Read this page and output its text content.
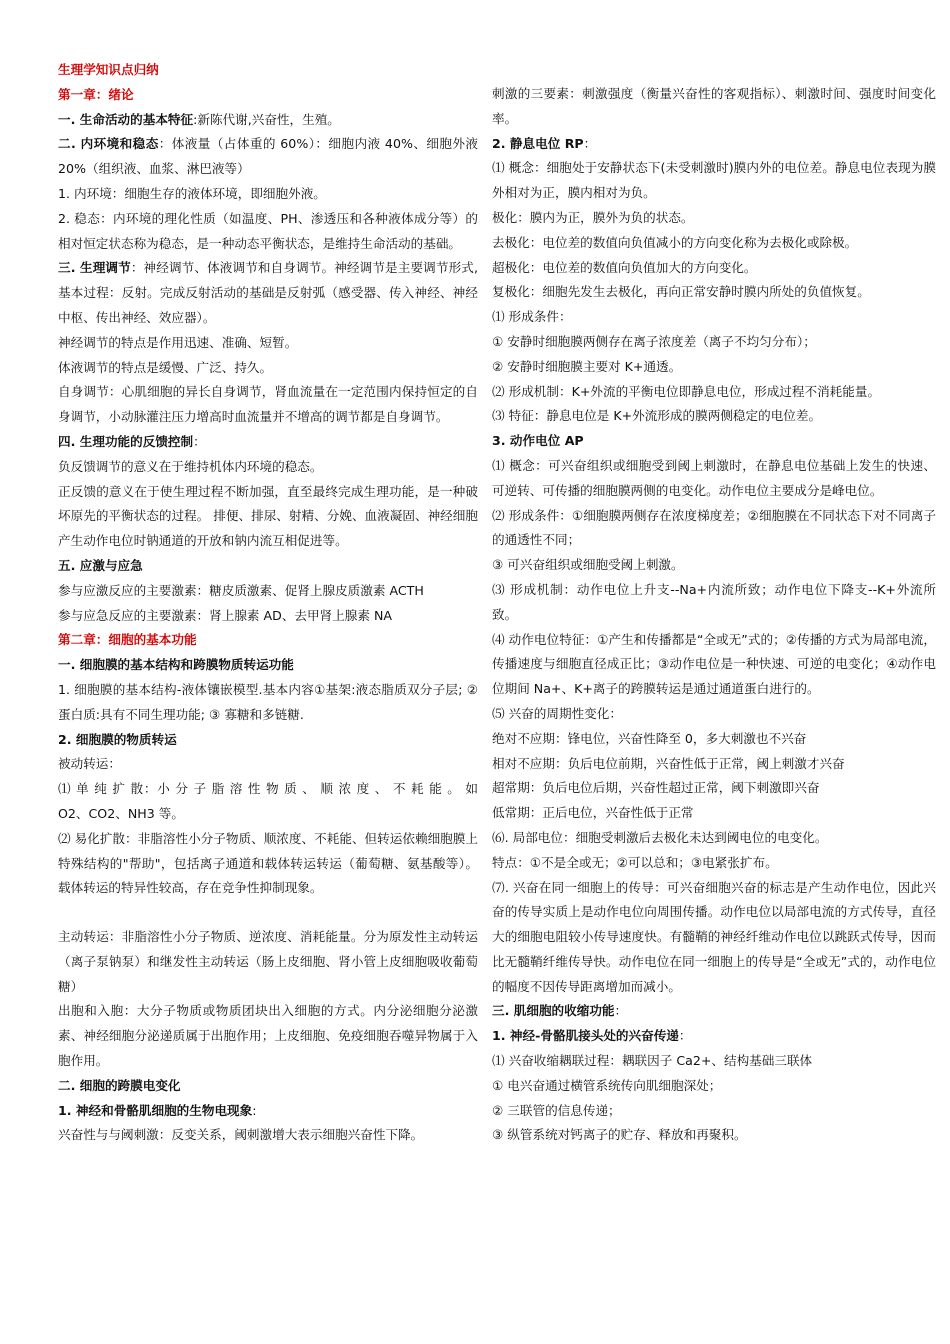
生理学知识点归纳

第一章：绪论

一. 生命活动的基本特征:新陈代谢,兴奋性，生殖。

二. 内环境和稳态：体液量（占体重的 60%）：细胞内液 40%、细胞外液 20%（组织液、血浆、淋巴液等）

1. 内环境：细胞生存的液体环境，即细胞外液。

2. 稳态：内环境的理化性质（如温度、PH、渗透压和各种液体成分等）的相对恒定状态称为稳态，是一种动态平衡状态，是维持生命活动的基础。

三. 生理调节：神经调节、体液调节和自身调节。神经调节是主要调节形式,基本过程：反射。完成反射活动的基础是反射弧（感受器、传入神经、神经中枢、传出神经、效应器）。

神经调节的特点是作用迅速、准确、短暂。

体液调节的特点是缓慢、广泛、持久。

自身调节：心肌细胞的异长自身调节，肾血流量在一定范围内保持恒定的自身调节，小动脉灌注压力增高时血流量并不增高的调节都是自身调节。

四. 生理功能的反馈控制：

负反馈调节的意义在于维持机体内环境的稳态。

正反馈的意义在于使生理过程不断加强，直至最终完成生理功能，是一种破坏原先的平衡状态的过程。 排便、排尿、射精、分娩、血液凝固、神经细胞产生动作电位时钠通道的开放和钠内流互相促进等。

五. 应激与应急

参与应激反应的主要激素：糖皮质激素、促肾上腺皮质激素 ACTH

参与应急反应的主要激素：肾上腺素 AD、去甲肾上腺素 NA

第二章：细胞的基本功能

一. 细胞膜的基本结构和跨膜物质转运功能

1. 细胞膜的基本结构-液体镶嵌模型.基本内容①基架:液态脂质双分子层; ② 蛋白质:具有不同生理功能; ③ 寡糖和多链糖.

2. 细胞膜的物质转运

被动转运：

⑴ 单 纯 扩 散：小 分 子 脂 溶 性 物 质 、 顺 浓 度 、 不 耗 能 。 如 O2、CO2、NH3 等。

⑵ 易化扩散：非脂溶性小分子物质、顺浓度、不耗能、但转运依赖细胞膜上特殊结构的"帮助"，包括离子通道和载体转运转运（葡萄糖、氨基酸等）。载体转运的特异性较高，存在竞争性抑制现象。

主动转运：非脂溶性小分子物质、逆浓度、消耗能量。分为原发性主动转运（离子泵钠泵）和继发性主动转运（肠上皮细胞、肾小管上皮细胞吸收葡萄糖）

出胞和入胞：大分子物质或物质团块出入细胞的方式。内分泌细胞分泌激素、神经细胞分泌递质属于出胞作用；上皮细胞、免疫细胞吞噬异物属于入胞作用。

二. 细胞的跨膜电变化

1. 神经和骨骼肌细胞的生物电现象:

兴奋性与与阈刺激：反变关系，阈刺激增大表示细胞兴奋性下降。

刺激的三要素：刺激强度（衡量兴奋性的客观指标）、刺激时间、强度时间变化率。

2. 静息电位 RP：

⑴ 概念：细胞处于安静状态下(未受刺激时)膜内外的电位差。静息电位表现为膜外相对为正，膜内相对为负。

极化：膜内为正，膜外为负的状态。

去极化：电位差的数值向负值减小的方向变化称为去极化或除极。

超极化：电位差的数值向负值加大的方向变化。

复极化：细胞先发生去极化，再向正常安静时膜内所处的负值恢复。

⑴ 形成条件：

① 安静时细胞膜两侧存在离子浓度差（离子不均匀分布）；

② 安静时细胞膜主要对 K+通透。

⑵ 形成机制：K+外流的平衡电位即静息电位，形成过程不消耗能量。

⑶ 特征：静息电位是 K+外流形成的膜两侧稳定的电位差。

3. 动作电位 AP

⑴ 概念：可兴奋组织或细胞受到阈上刺激时，在静息电位基础上发生的快速、可逆转、可传播的细胞膜两侧的电变化。动作电位主要成分是峰电位。

⑵ 形成条件：①细胞膜两侧存在浓度梯度差；②细胞膜在不同状态下对不同离子的通透性不同；

③ 可兴奋组织或细胞受阈上刺激。

⑶ 形成机制：动作电位上升支--Na+内流所致；动作电位下降支--K+外流所致。

⑷ 动作电位特征：①产生和传播都是“全或无”式的；②传播的方式为局部电流，传播速度与细胞直径成正比；③动作电位是一种快速、可逆的电变化；④动作电位期间 Na+、K+离子的跨膜转运是通过通道蛋白进行的。

⑸ 兴奋的周期性变化：

绝对不应期：锋电位，兴奋性降至 0，多大刺激也不兴奋

相对不应期：负后电位前期，兴奋性低于正常，阈上刺激才兴奋

超常期：负后电位后期，兴奋性超过正常，阈下刺激即兴奋

低常期：正后电位，兴奋性低于正常

⑹. 局部电位：细胞受刺激后去极化未达到阈电位的电变化。

特点：①不是全或无；②可以总和；③电紧张扩布。

⑺. 兴奋在同一细胞上的传导：可兴奋细胞兴奋的标志是产生动作电位，因此兴奋的传导实质上是动作电位向周围传播。动作电位以局部电流的方式传导，直径大的细胞电阻较小传导速度快。有髓鞘的神经纤维动作电位以跳跃式传导，因而比无髓鞘纤维传导快。动作电位在同一细胞上的传导是“全或无”式的，动作电位的幅度不因传导距离增加而减小。

三. 肌细胞的收缩功能：

1. 神经-骨骼肌接头处的兴奋传递：

⑴ 兴奋收缩耦联过程：耦联因子 Ca2+、结构基础三联体

① 电兴奋通过横管系统传向肌细胞深处；

② 三联管的信息传递；

③ 纵管系统对钙离子的贮存、释放和再聚积。
